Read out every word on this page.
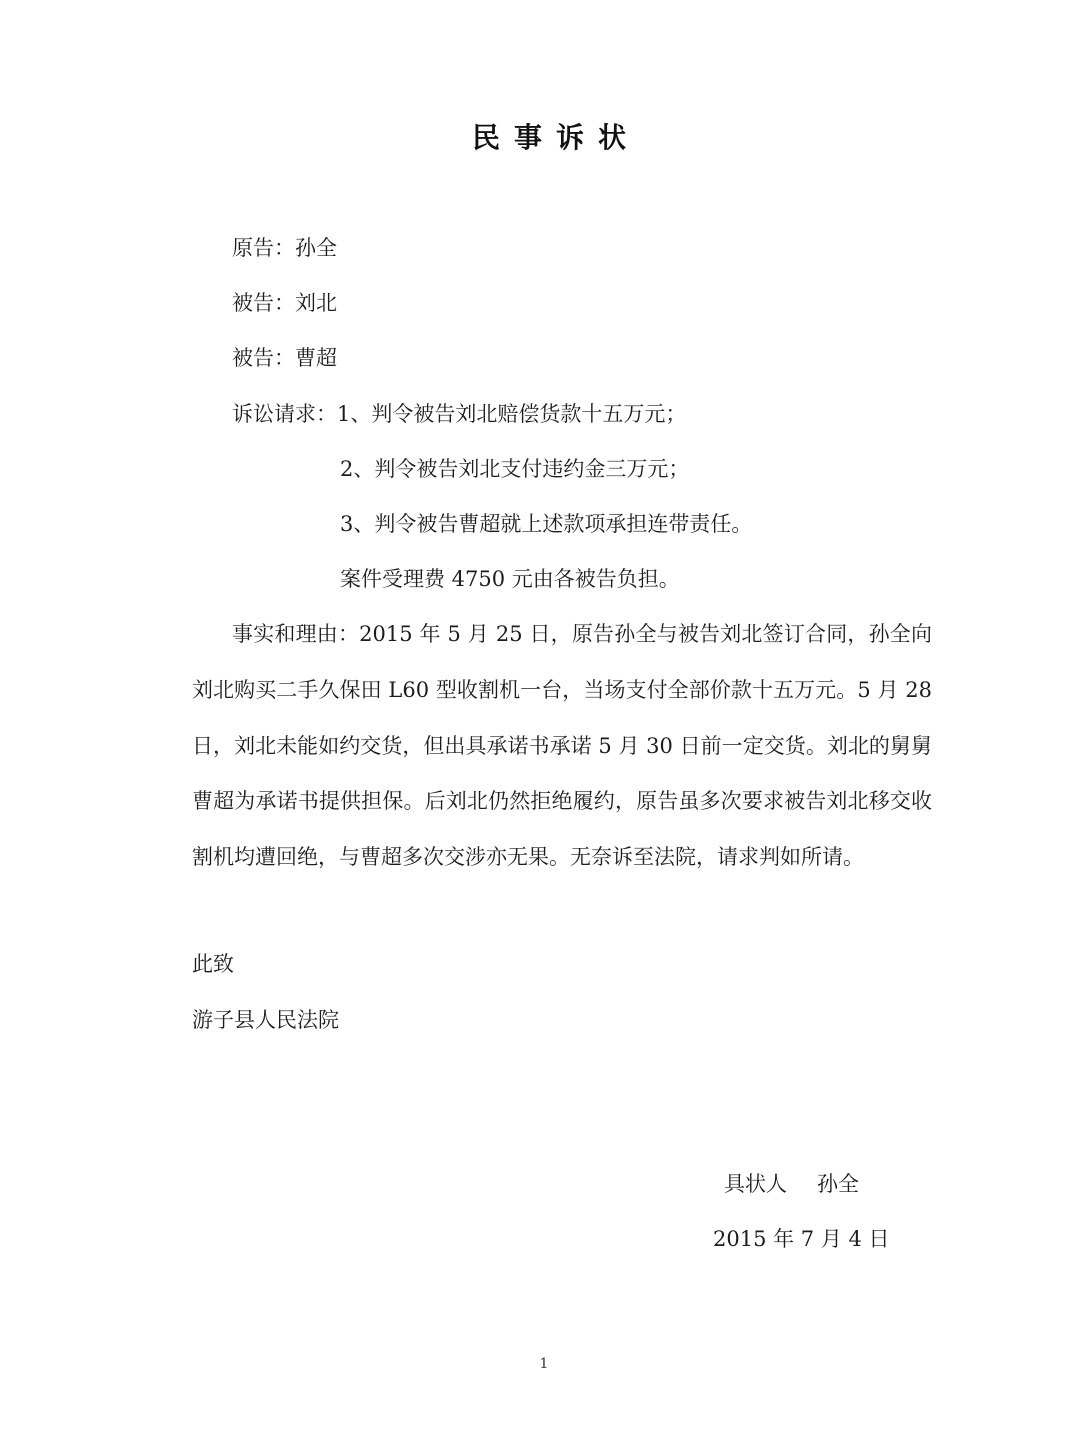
民事诉状
原告：孙全
被告：刘北
被告：曹超
诉讼请求：1、判令被告刘北赔偿货款十五万元；
2、判令被告刘北支付违约金三万元；
3、判令被告曹超就上述款项承担连带责任。
案件受理费 4750 元由各被告负担。
事实和理由：2015 年 5 月 25 日，原告孙全与被告刘北签订合同，孙全向
刘北购买二手久保田 L60 型收割机一台，当场支付全部价款十五万元。5 月 28
日，刘北未能如约交货，但出具承诺书承诺 5 月 30 日前一定交货。刘北的舅舅
曹超为承诺书提供担保。后刘北仍然拒绝履约，原告虽多次要求被告刘北移交收
割机均遭回绝，与曹超多次交涉亦无果。无奈诉至法院，请求判如所请。
此致
游子县人民法院
具状人 孙全
2015 年 7 月 4 日
1
